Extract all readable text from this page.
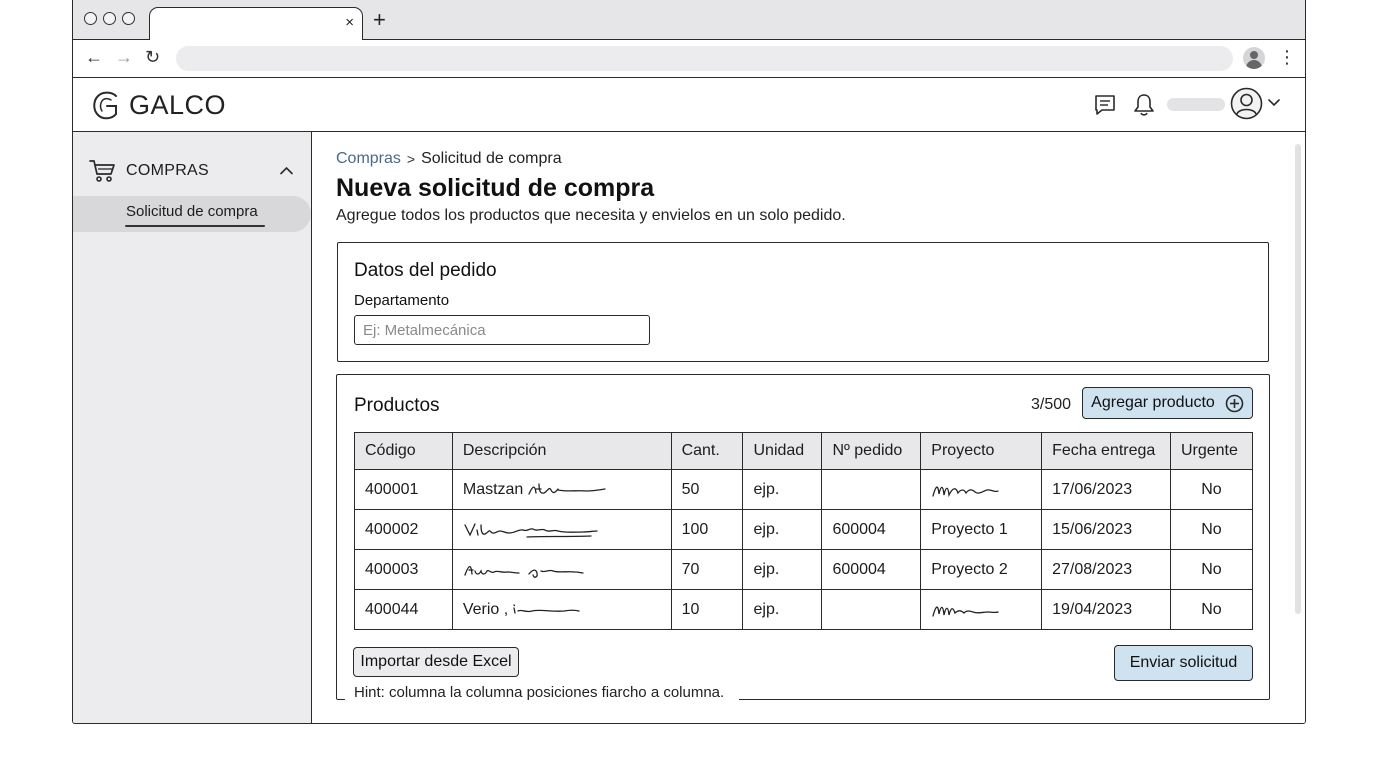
× +
← → ↻	⋮
GALCO
COMPRAS
Solicitud de compra
Compras > Solicitud de compra
Nueva solicitud de compra

Agregue todos los productos que necesita y envielos en un solo pedido.

Datos del pedido
Departamento
Ej: Metalmecánica
Productos	3/500 Agregar producto
Código	Descripción	Cant.	Unidad	Nº pedido	Proyecto	Fecha entrega	Urgente
400001	Mastzan	50	ejp.			17/06/2023	No
400002		100	ejp.	600004	Proyecto 1	15/06/2023	No
400003		70	ejp.	600004	Proyecto 2	27/08/2023	No
400044	Verio ,	10	ejp.			19/04/2023	No
Importar desde Excel	Enviar solicitud
Hint: columna la columna posiciones fiаrcho a columna.
